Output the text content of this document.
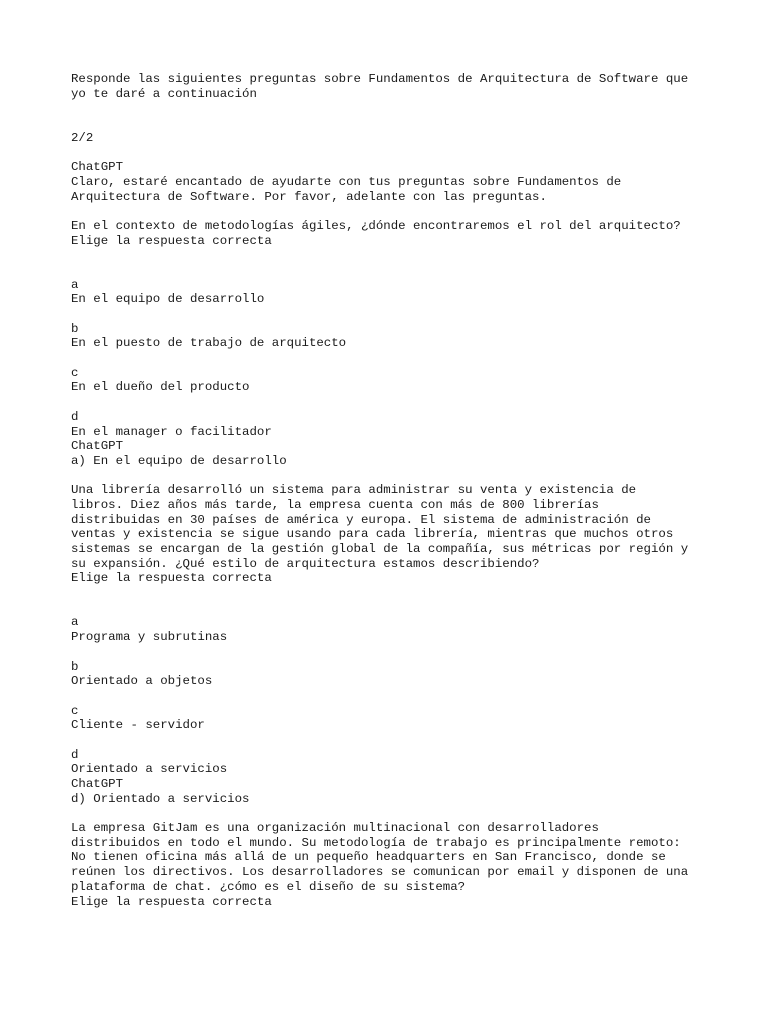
Responde las siguientes preguntas sobre Fundamentos de Arquitectura de Software que
yo te daré a continuación
2/2
ChatGPT
Claro, estaré encantado de ayudarte con tus preguntas sobre Fundamentos de
Arquitectura de Software. Por favor, adelante con las preguntas.
En el contexto de metodologías ágiles, ¿dónde encontraremos el rol del arquitecto?
Elige la respuesta correcta
a
En el equipo de desarrollo
b
En el puesto de trabajo de arquitecto
c
En el dueño del producto
d
En el manager o facilitador
ChatGPT
a) En el equipo de desarrollo
Una librería desarrolló un sistema para administrar su venta y existencia de
libros. Diez años más tarde, la empresa cuenta con más de 800 librerías
distribuidas en 30 países de américa y europa. El sistema de administración de
ventas y existencia se sigue usando para cada librería, mientras que muchos otros
sistemas se encargan de la gestión global de la compañía, sus métricas por región y
su expansión. ¿Qué estilo de arquitectura estamos describiendo?
Elige la respuesta correcta
a
Programa y subrutinas
b
Orientado a objetos
c
Cliente - servidor
d
Orientado a servicios
ChatGPT
d) Orientado a servicios
La empresa GitJam es una organización multinacional con desarrolladores
distribuidos en todo el mundo. Su metodología de trabajo es principalmente remoto:
No tienen oficina más allá de un pequeño headquarters en San Francisco, donde se
reúnen los directivos. Los desarrolladores se comunican por email y disponen de una
plataforma de chat. ¿cómo es el diseño de su sistema?
Elige la respuesta correcta
